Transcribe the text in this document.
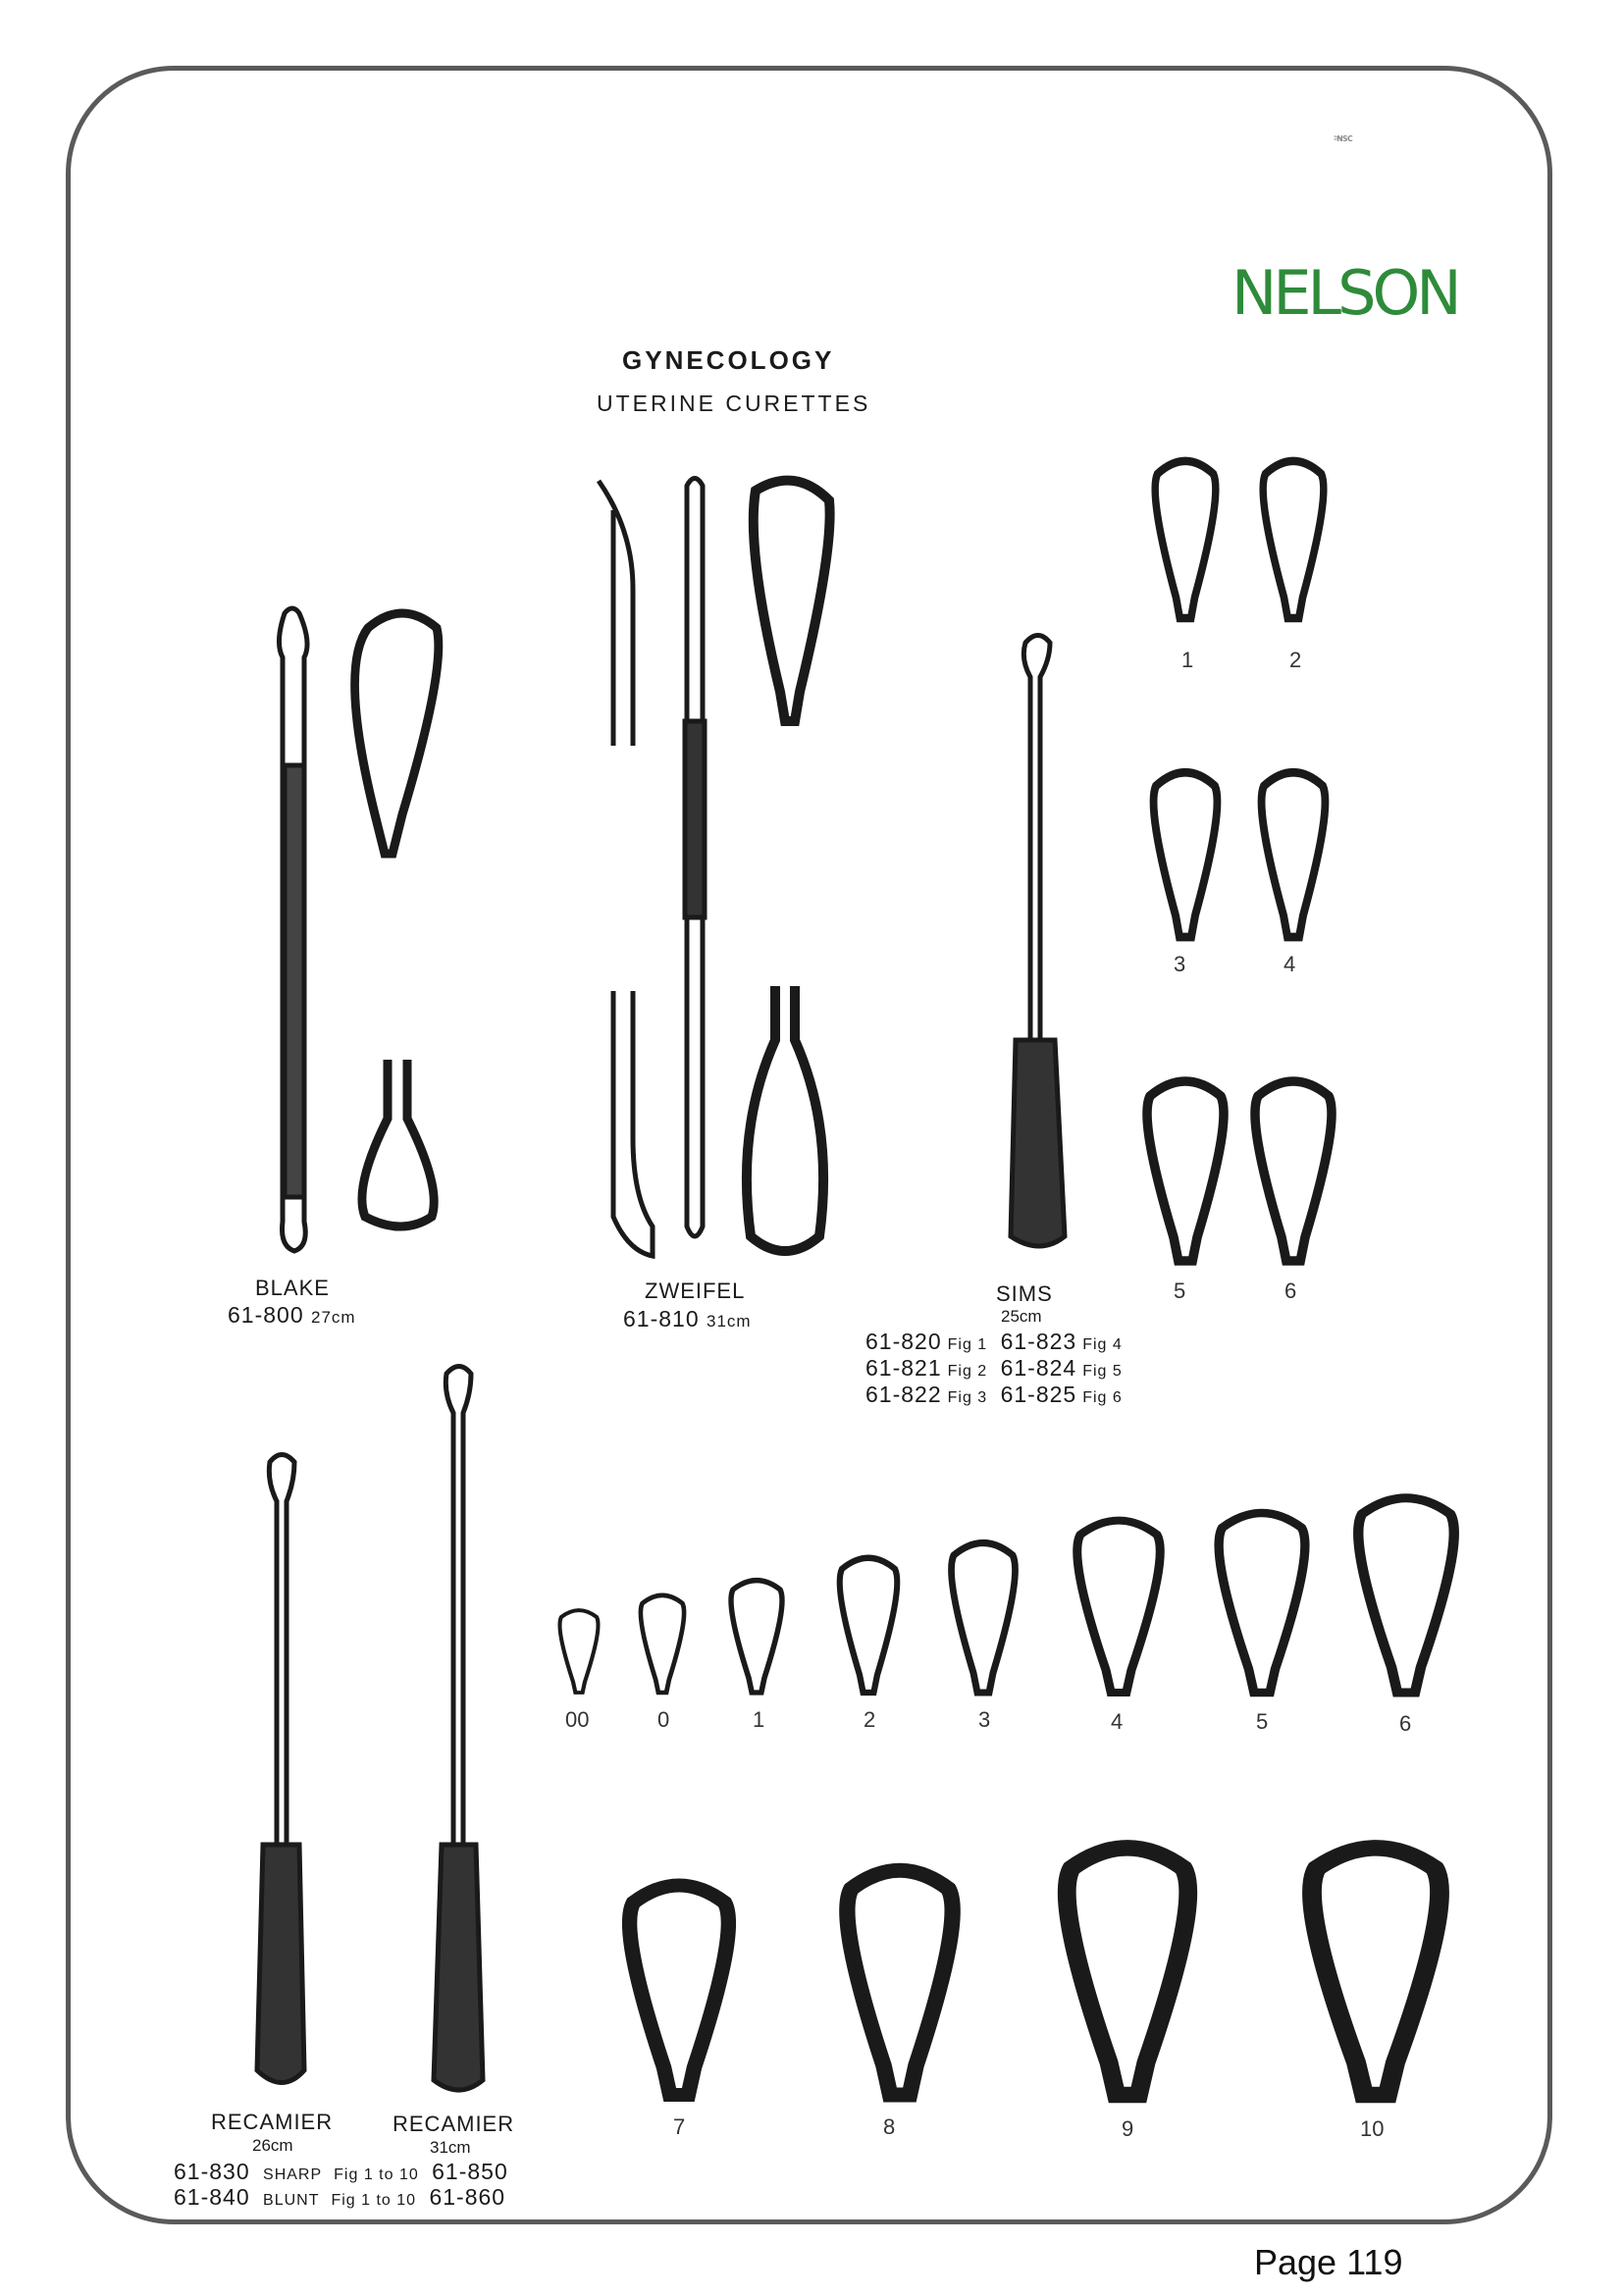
NSC
NELSON
GYNECOLOGY
UTERINE CURETTES
BLAKE
61-800 27cm
ZWEIFEL
61-810 31cm
SIMS
25cm
61-820 Fig 1 61-823 Fig 4
61-821 Fig 2 61-824 Fig 5
61-822 Fig 3 61-825 Fig 6
1	2
3	4
5	6
00	0	1	2	3	4	5	6
7	8	9	10
RECAMIER
26cm
RECAMIER
31cm
61-830 SHARP Fig 1 to 10 61-850
61-840 BLUNT Fig 1 to 10 61-860
Page 119
